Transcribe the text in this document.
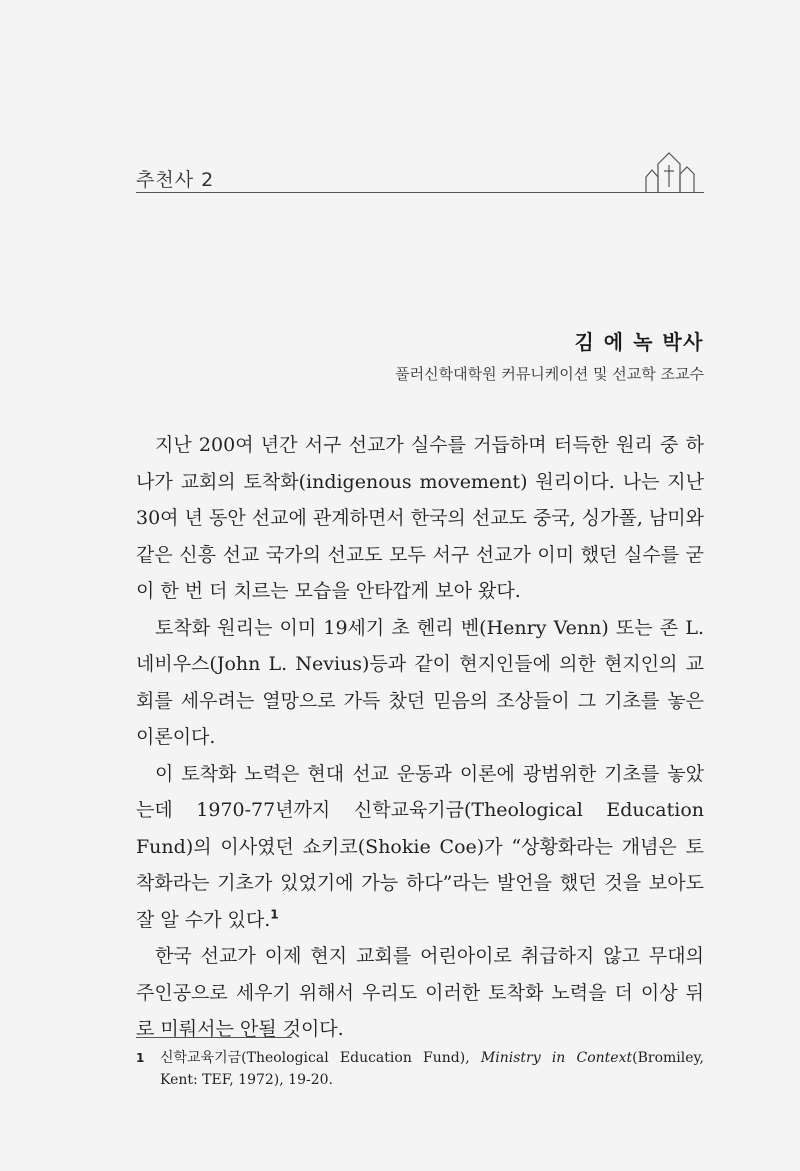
추천사 2
김 에 녹 박사
풀러신학대학원 커뮤니케이션 및 선교학 조교수

지난 200여 년간 서구 선교가 실수를 거듭하며 터득한 원리 중 하나가 교회의 토착화(indigenous movement) 원리이다. 나는 지난 30여 년 동안 선교에 관계하면서 한국의 선교도 중국, 싱가폴, 남미와 같은 신흥 선교 국가의 선교도 모두 서구 선교가 이미 했던 실수를 굳이 한 번 더 치르는 모습을 안타깝게 보아 왔다.

토착화 원리는 이미 19세기 초 헨리 벤(Henry Venn) 또는 존 L. 네비우스(John L. Nevius)등과 같이 현지인들에 의한 현지인의 교회를 세우려는 열망으로 가득 찼던 믿음의 조상들이 그 기초를 놓은 이론이다.

이 토착화 노력은 현대 선교 운동과 이론에 광범위한 기초를 놓았는데 1970-77년까지 신학교육기금(Theological Education Fund)의 이사였던 쇼키코(Shokie Coe)가 “상황화라는 개념은 토착화라는 기초가 있었기에 가능 하다”라는 발언을 했던 것을 보아도 잘 알 수가 있다.$^1$

한국 선교가 이제 현지 교회를 어린아이로 취급하지 않고 무대의 주인공으로 세우기 위해서 우리도 이러한 토착화 노력을 더 이상 뒤로 미뤄서는 안될 것이다.

1 신학교육기금(Theological Education Fund), Ministry in Context(Bromiley, Kent: TEF, 1972), 19-20.
